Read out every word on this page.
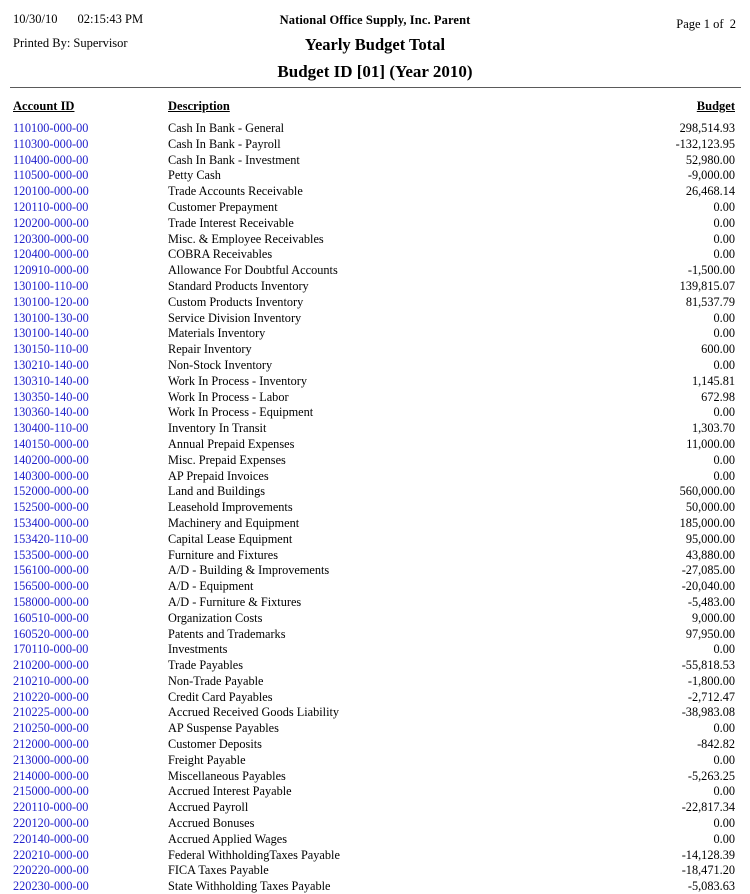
10/30/10 02:15:43 PM
Printed By: Supervisor
National Office Supply, Inc. Parent
Yearly Budget Total
Budget ID [01] (Year 2010)
Page 1 of  2
Account ID	Description	Budget
110100-000-00	Cash In Bank - General	298,514.93
110300-000-00	Cash In Bank - Payroll	-132,123.95
110400-000-00	Cash In Bank - Investment	52,980.00
110500-000-00	Petty Cash	-9,000.00
120100-000-00	Trade Accounts Receivable	26,468.14
120110-000-00	Customer Prepayment	0.00
120200-000-00	Trade Interest Receivable	0.00
120300-000-00	Misc. & Employee Receivables	0.00
120400-000-00	COBRA Receivables	0.00
120910-000-00	Allowance For Doubtful Accounts	-1,500.00
130100-110-00	Standard Products Inventory	139,815.07
130100-120-00	Custom Products Inventory	81,537.79
130100-130-00	Service Division Inventory	0.00
130100-140-00	Materials Inventory	0.00
130150-110-00	Repair Inventory	600.00
130210-140-00	Non-Stock Inventory	0.00
130310-140-00	Work In Process - Inventory	1,145.81
130350-140-00	Work In Process - Labor	672.98
130360-140-00	Work In Process - Equipment	0.00
130400-110-00	Inventory In Transit	1,303.70
140150-000-00	Annual Prepaid Expenses	11,000.00
140200-000-00	Misc. Prepaid Expenses	0.00
140300-000-00	AP Prepaid Invoices	0.00
152000-000-00	Land and Buildings	560,000.00
152500-000-00	Leasehold Improvements	50,000.00
153400-000-00	Machinery and Equipment	185,000.00
153420-110-00	Capital Lease Equipment	95,000.00
153500-000-00	Furniture and Fixtures	43,880.00
156100-000-00	A/D - Building & Improvements	-27,085.00
156500-000-00	A/D - Equipment	-20,040.00
158000-000-00	A/D - Furniture & Fixtures	-5,483.00
160510-000-00	Organization Costs	9,000.00
160520-000-00	Patents and Trademarks	97,950.00
170110-000-00	Investments	0.00
210200-000-00	Trade Payables	-55,818.53
210210-000-00	Non-Trade Payable	-1,800.00
210220-000-00	Credit Card Payables	-2,712.47
210225-000-00	Accrued Received Goods Liability	-38,983.08
210250-000-00	AP Suspense Payables	0.00
212000-000-00	Customer Deposits	-842.82
213000-000-00	Freight Payable	0.00
214000-000-00	Miscellaneous Payables	-5,263.25
215000-000-00	Accrued Interest Payable	0.00
220110-000-00	Accrued Payroll	-22,817.34
220120-000-00	Accrued Bonuses	0.00
220140-000-00	Accrued Applied Wages	0.00
220210-000-00	Federal WithholdingTaxes Payable	-14,128.39
220220-000-00	FICA Taxes Payable	-18,471.20
220230-000-00	State Withholding Taxes Payable	-5,083.63
